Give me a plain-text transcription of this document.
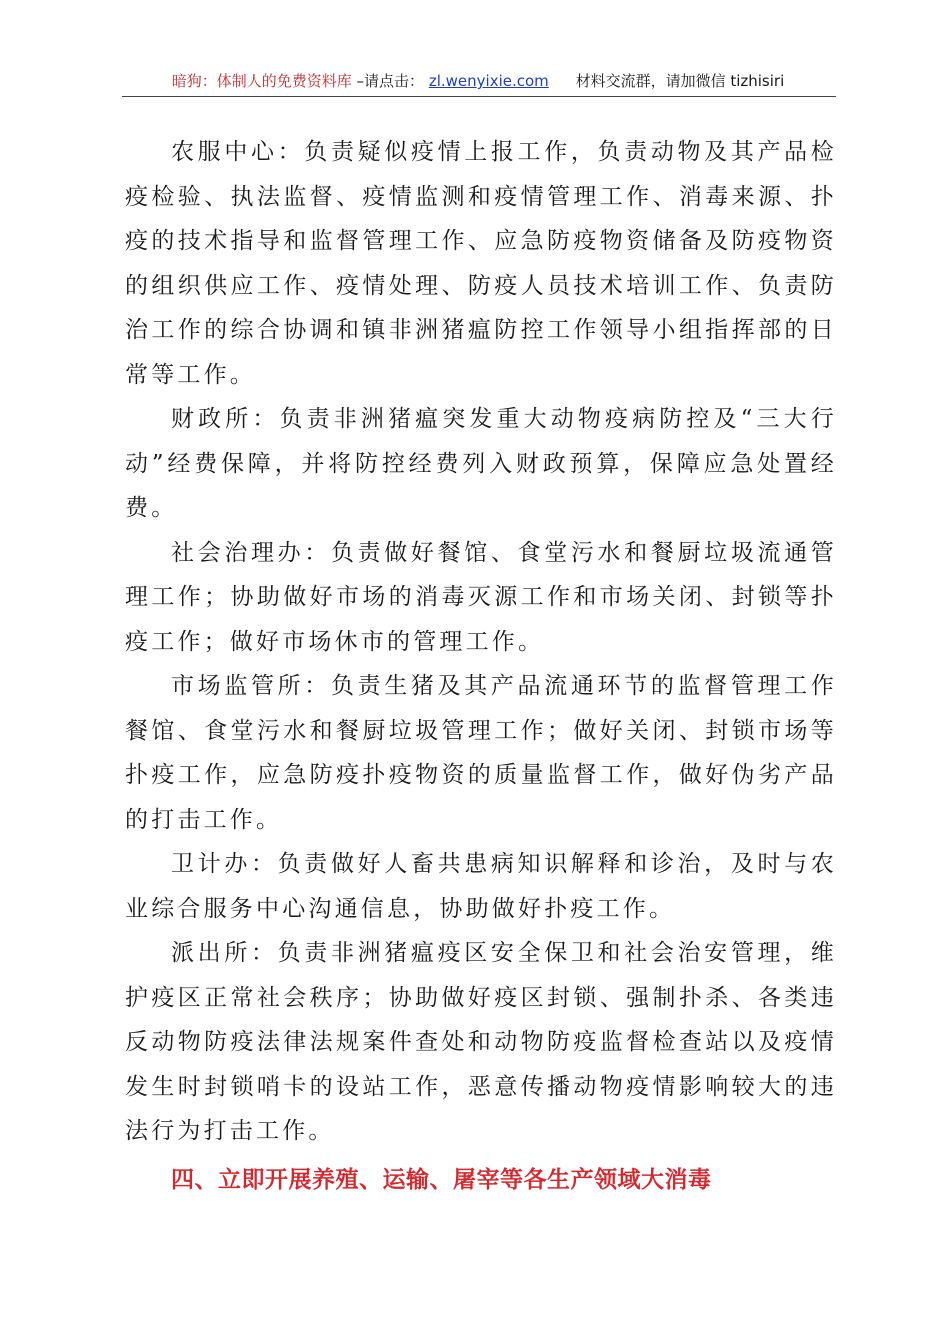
暗狗：体制人的免费资料库 –请点击： zl.wenyixie.com 材料交流群，请加微信 tizhisiri

农服中心：负责疑似疫情上报工作，负责动物及其产品检疫检验、执法监督、疫情监测和疫情管理工作、消毒来源、扑疫的技术指导和监督管理工作、应急防疫物资储备及防疫物资的组织供应工作、疫情处理、防疫人员技术培训工作、负责防治工作的综合协调和镇非洲猪瘟防控工作领导小组指挥部的日常等工作。

财政所：负责非洲猪瘟突发重大动物疫病防控及“三大行动”经费保障，并将防控经费列入财政预算，保障应急处置经费。

社会治理办：负责做好餐馆、食堂污水和餐厨垃圾流通管理工作；协助做好市场的消毒灭源工作和市场关闭、封锁等扑疫工作；做好市场休市的管理工作。

市场监管所：负责生猪及其产品流通环节的监督管理工作餐馆、食堂污水和餐厨垃圾管理工作；做好关闭、封锁市场等扑疫工作，应急防疫扑疫物资的质量监督工作，做好伪劣产品的打击工作。

卫计办：负责做好人畜共患病知识解释和诊治，及时与农业综合服务中心沟通信息，协助做好扑疫工作。

派出所：负责非洲猪瘟疫区安全保卫和社会治安管理，维护疫区正常社会秩序；协助做好疫区封锁、强制扑杀、各类违反动物防疫法律法规案件查处和动物防疫监督检查站以及疫情发生时封锁哨卡的设站工作，恶意传播动物疫情影响较大的违法行为打击工作。

四、立即开展养殖、运输、屠宰等各生产领域大消毒
